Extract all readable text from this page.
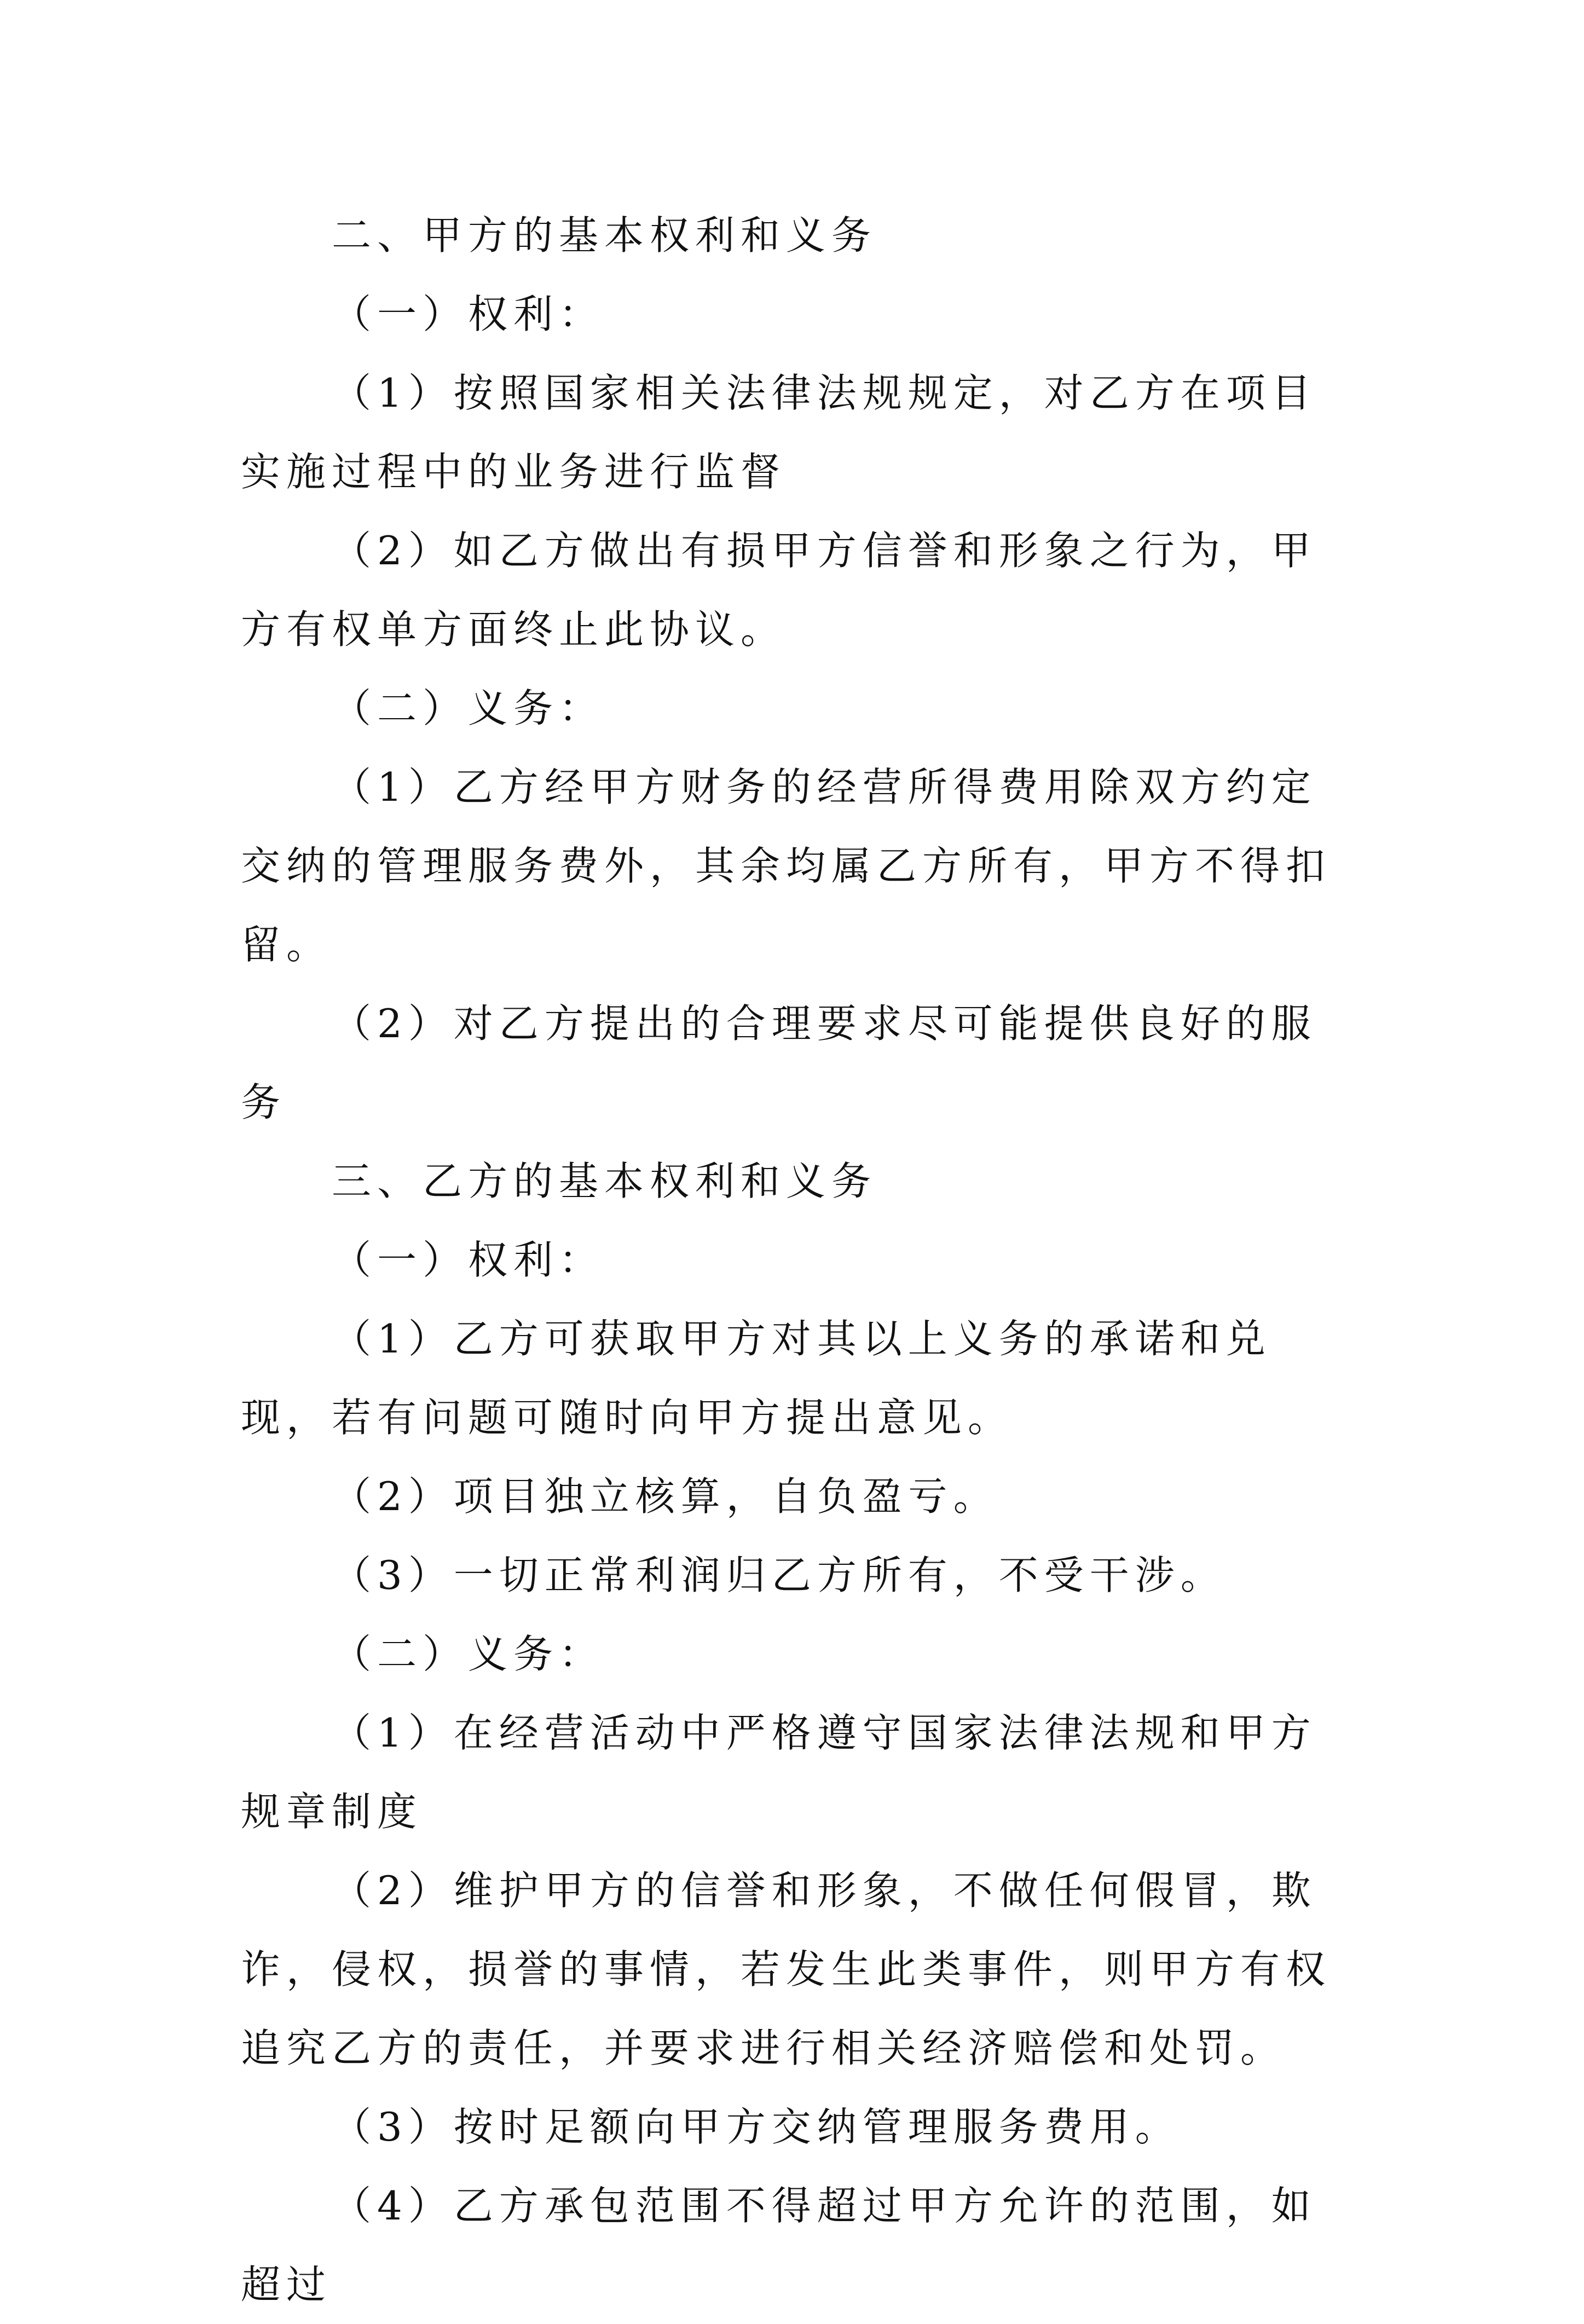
二、甲方的基本权利和义务

（一）权利：

（1）按照国家相关法律法规规定，对乙方在项目实施过程中的业务进行监督

（2）如乙方做出有损甲方信誉和形象之行为，甲方有权单方面终止此协议。

（二）义务：

（1）乙方经甲方财务的经营所得费用除双方约定交纳的管理服务费外，其余均属乙方所有，甲方不得扣留。

（2）对乙方提出的合理要求尽可能提供良好的服务

三、乙方的基本权利和义务

（一）权利：

（1）乙方可获取甲方对其以上义务的承诺和兑现，若有问题可随时向甲方提出意见。

（2）项目独立核算，自负盈亏。

（3）一切正常利润归乙方所有，不受干涉。

（二）义务：

（1）在经营活动中严格遵守国家法律法规和甲方规章制度

（2）维护甲方的信誉和形象，不做任何假冒，欺诈，侵权，损誉的事情，若发生此类事件，则甲方有权追究乙方的责任，并要求进行相关经济赔偿和处罚。

（3）按时足额向甲方交纳管理服务费用。

（4）乙方承包范围不得超过甲方允许的范围，如超过
